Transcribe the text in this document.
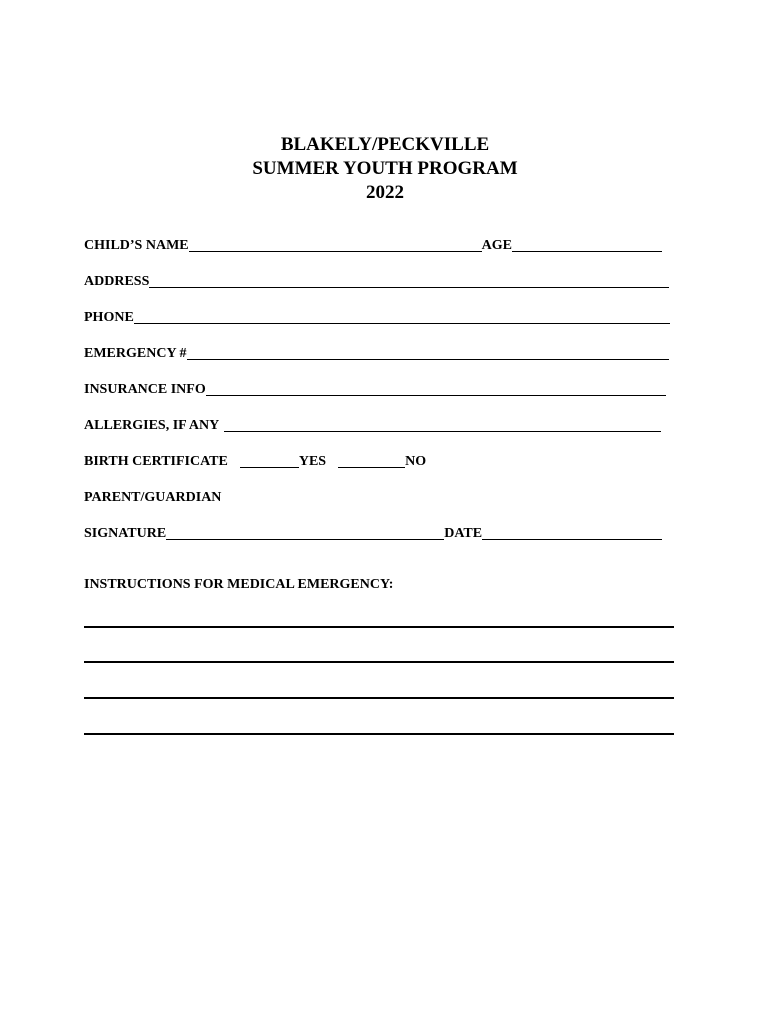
BLAKELY/PECKVILLE
SUMMER YOUTH PROGRAM
2022
CHILD’S NAME	AGE
ADDRESS
PHONE
EMERGENCY #
INSURANCE INFO
ALLERGIES, IF ANY
BIRTH CERTIFICATE	YES	NO
PARENT/GUARDIAN
SIGNATURE	DATE
INSTRUCTIONS FOR MEDICAL EMERGENCY:
